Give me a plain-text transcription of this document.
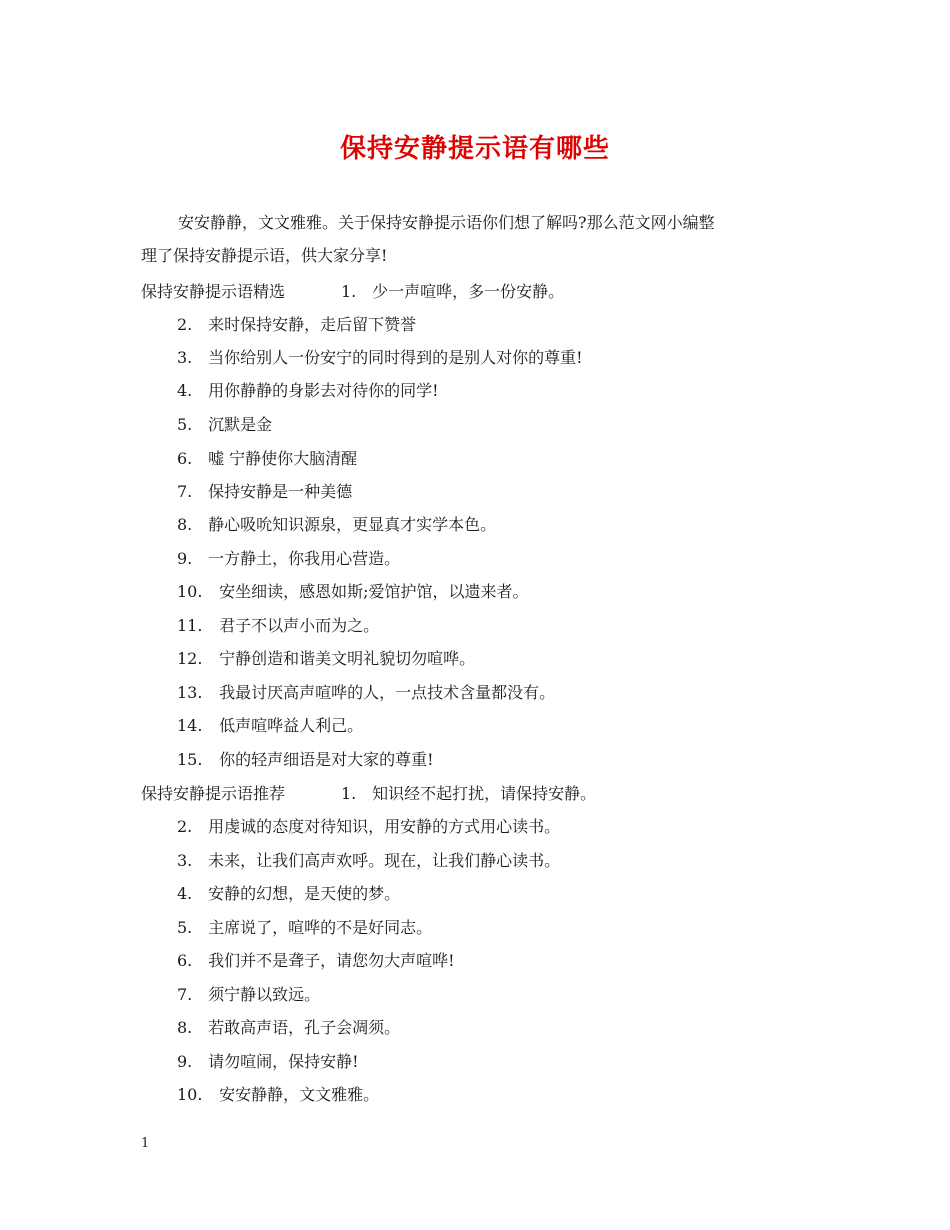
保持安静提示语有哪些
安安静静，文文雅雅。关于保持安静提示语你们想了解吗?那么范文网小编整
理了保持安静提示语，供大家分享!
保持安静提示语精选	1. 少一声喧哗，多一份安静。
2. 来时保持安静，走后留下赞誉
3. 当你给别人一份安宁的同时得到的是别人对你的尊重!
4. 用你静静的身影去对待你的同学!
5. 沉默是金
6. 嘘 宁静使你大脑清醒
7. 保持安静是一种美德
8. 静心吸吮知识源泉，更显真才实学本色。
9. 一方静土，你我用心营造。
10. 安坐细读，感恩如斯;爱馆护馆，以遗来者。
11. 君子不以声小而为之。
12. 宁静创造和谐美文明礼貌切勿喧哗。
13. 我最讨厌高声喧哗的人，一点技术含量都没有。
14. 低声喧哗益人利己。
15. 你的轻声细语是对大家的尊重!
保持安静提示语推荐	1. 知识经不起打扰，请保持安静。
2. 用虔诚的态度对待知识，用安静的方式用心读书。
3. 未来，让我们高声欢呼。现在，让我们静心读书。
4. 安静的幻想，是天使的梦。
5. 主席说了，喧哗的不是好同志。
6. 我们并不是聋子，请您勿大声喧哗!
7. 须宁静以致远。
8. 若敢高声语，孔子会凋须。
9. 请勿喧闹，保持安静!
10. 安安静静，文文雅雅。
1
